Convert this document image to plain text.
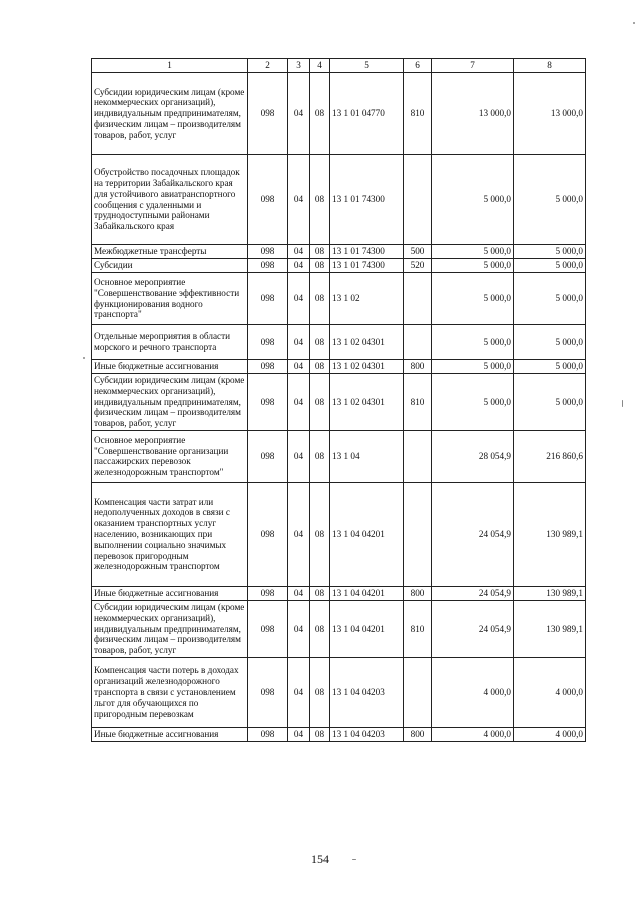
1	2	3	4	5	6	7	8
Субсидии юридическим лицам (кроме некоммерческих организаций), индивидуальным предпринимателям, физическим лицам – производителям товаров, работ, услуг	098	04	08	13 1 01 04770	810	13 000,0	13 000,0
Обустройство посадочных площадок на территории Забайкальского края для устойчивого авиатранспортного сообщения с удаленными и труднодоступными районами Забайкальского края	098	04	08	13 1 01 74300		5 000,0	5 000,0
Межбюджетные трансферты	098	04	08	13 1 01 74300	500	5 000,0	5 000,0
Субсидии	098	04	08	13 1 01 74300	520	5 000,0	5 000,0
Основное мероприятие "Совершенствование эффективности функционирования водного транспорта"	098	04	08	13 1 02		5 000,0	5 000,0
Отдельные мероприятия в области морского и речного транспорта	098	04	08	13 1 02 04301		5 000,0	5 000,0
Иные бюджетные ассигнования	098	04	08	13 1 02 04301	800	5 000,0	5 000,0
Субсидии юридическим лицам (кроме некоммерческих организаций), индивидуальным предпринимателям, физическим лицам – производителям товаров, работ, услуг	098	04	08	13 1 02 04301	810	5 000,0	5 000,0
Основное мероприятие "Совершенствование организации пассажирских перевозок железнодорожным транспортом"	098	04	08	13 1 04		28 054,9	216 860,6
Компенсация части затрат или недополученных доходов в связи с оказанием транспортных услуг населению, возникающих при выполнении социально значимых перевозок пригородным железнодорожным транспортом	098	04	08	13 1 04 04201		24 054,9	130 989,1
Иные бюджетные ассигнования	098	04	08	13 1 04 04201	800	24 054,9	130 989,1
Субсидии юридическим лицам (кроме некоммерческих организаций), индивидуальным предпринимателям, физическим лицам – производителям товаров, работ, услуг	098	04	08	13 1 04 04201	810	24 054,9	130 989,1
Компенсация части потерь в доходах организаций железнодорожного транспорта в связи с установлением льгот для обучающихся по пригородным перевозкам	098	04	08	13 1 04 04203		4 000,0	4 000,0
Иные бюджетные ассигнования	098	04	08	13 1 04 04203	800	4 000,0	4 000,0
154
